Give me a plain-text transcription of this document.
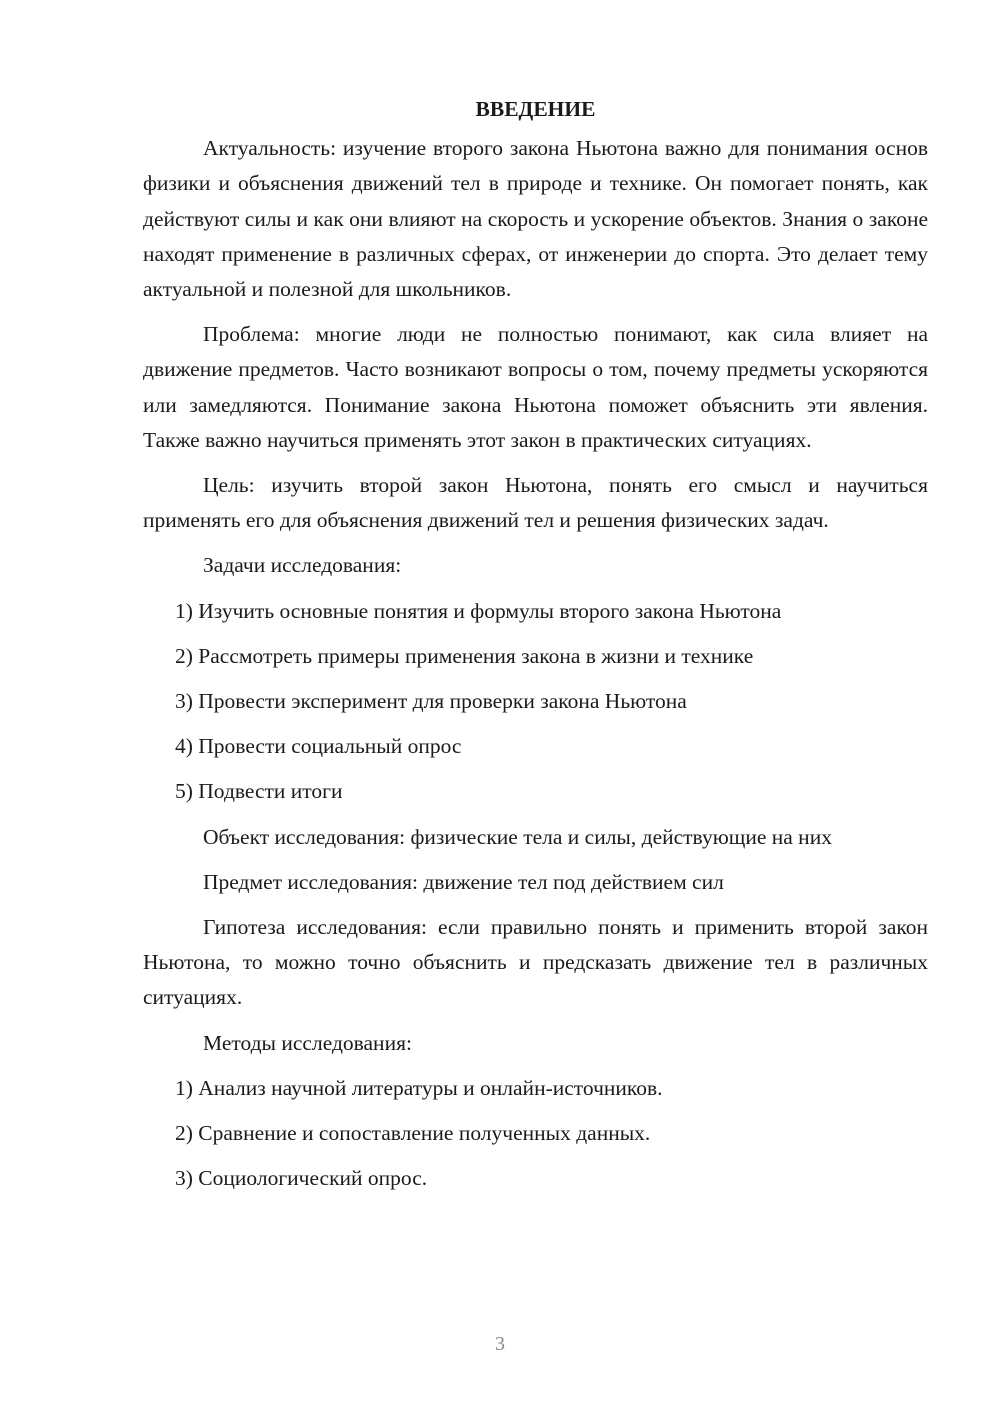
ВВЕДЕНИЕ

Актуальность: изучение второго закона Ньютона важно для понимания основ физики и объяснения движений тел в природе и технике. Он помогает понять, как действуют силы и как они влияют на скорость и ускорение объектов. Знания о законе находят применение в различных сферах, от инженерии до спорта. Это делает тему актуальной и полезной для школьников.

Проблема: многие люди не полностью понимают, как сила влияет на движение предметов. Часто возникают вопросы о том, почему предметы ускоряются или замедляются. Понимание закона Ньютона поможет объяснить эти явления. Также важно научиться применять этот закон в практических ситуациях.

Цель: изучить второй закон Ньютона, понять его смысл и научиться применять его для объяснения движений тел и решения физических задач.

Задачи исследования:

1) Изучить основные понятия и формулы второго закона Ньютона

2) Рассмотреть примеры применения закона в жизни и технике

3) Провести эксперимент для проверки закона Ньютона

4) Провести социальный опрос

5) Подвести итоги

Объект исследования: физические тела и силы, действующие на них

Предмет исследования: движение тел под действием сил

Гипотеза исследования: если правильно понять и применить второй закон Ньютона, то можно точно объяснить и предсказать движение тел в различных ситуациях.

Методы исследования:

1) Анализ научной литературы и онлайн-источников.

2) Сравнение и сопоставление полученных данных.

3) Социологический опрос.

3
